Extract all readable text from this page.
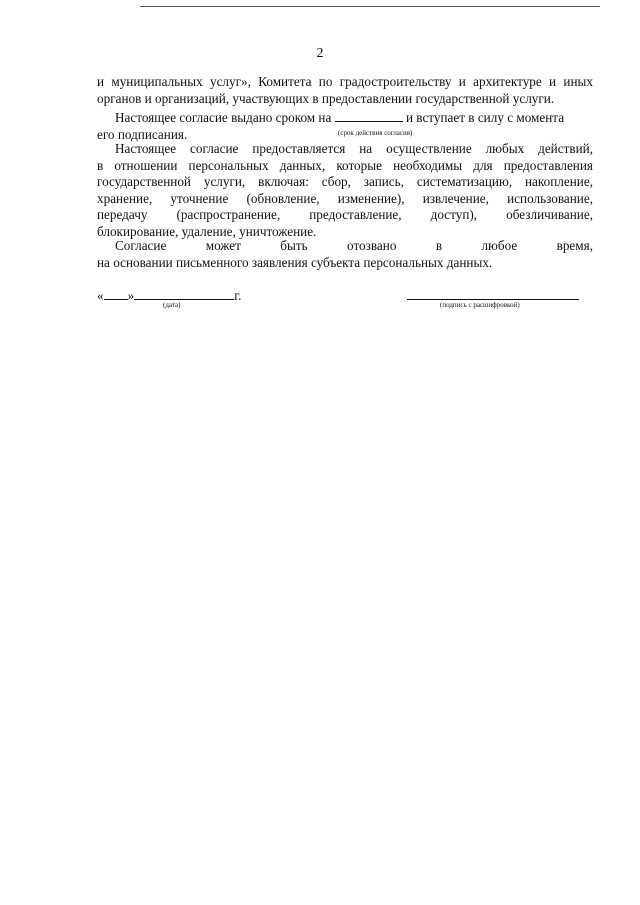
2
и муниципальных услуг», Комитета по градостроительству и архитектуре и иных
органов и организаций, участвующих в предоставлении государственной услуги.
Настоящее согласие выдано сроком на	и вступает в силу с момента
его подписания.	(срок действия согласия)
Настоящее согласие предоставляется на осуществление любых действий,
в отношении персональных данных, которые необходимы для предоставления
государственной услуги, включая: сбор, запись, систематизацию, накопление,
хранение, уточнение (обновление, изменение), извлечение, использование,
передачу (распространение, предоставление, доступ), обезличивание,
блокирование, удаление, уничтожение.
Согласие может быть отозвано в любое время,
на основании письменного заявления субъекта персональных данных.
« »	г.
(дата)	(подпись с расшифровкой)
